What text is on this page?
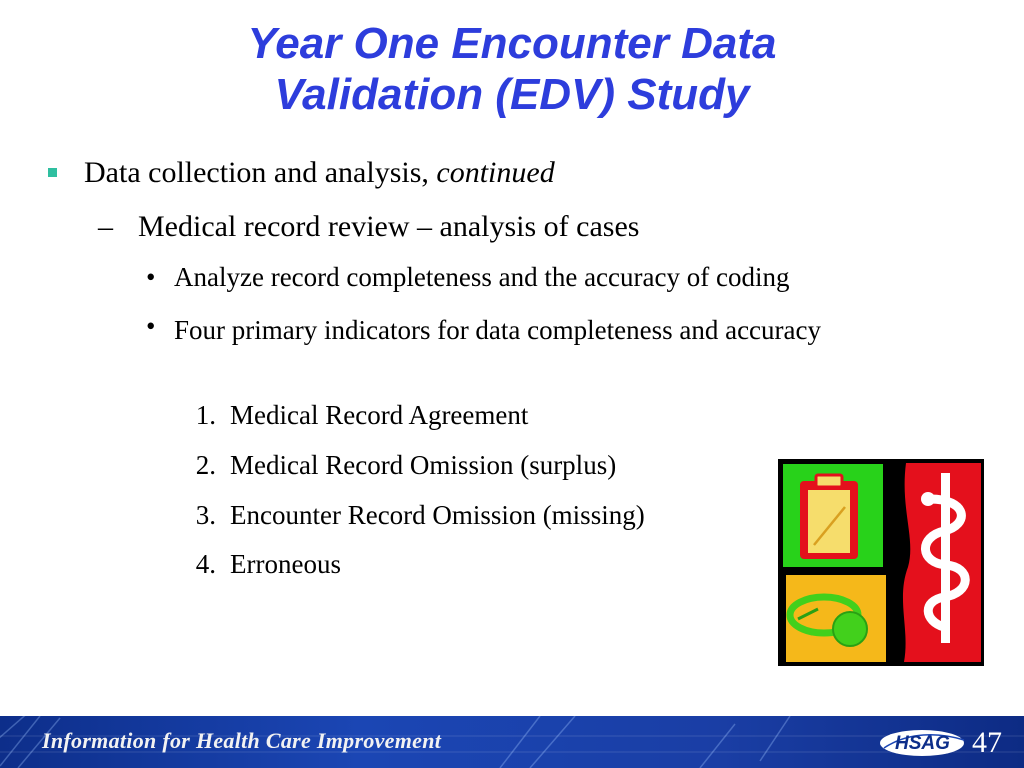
Year One Encounter Data
Validation (EDV) Study
Data collection and analysis, continued
– Medical record review – analysis of cases
• Analyze record completeness and the accuracy of coding
• Four primary indicators for data completeness and accuracy
1. Medical Record Agreement
2. Medical Record Omission (surplus)
3. Encounter Record Omission (missing)
4. Erroneous
Information for Health Care Improvement	HSAG 47
